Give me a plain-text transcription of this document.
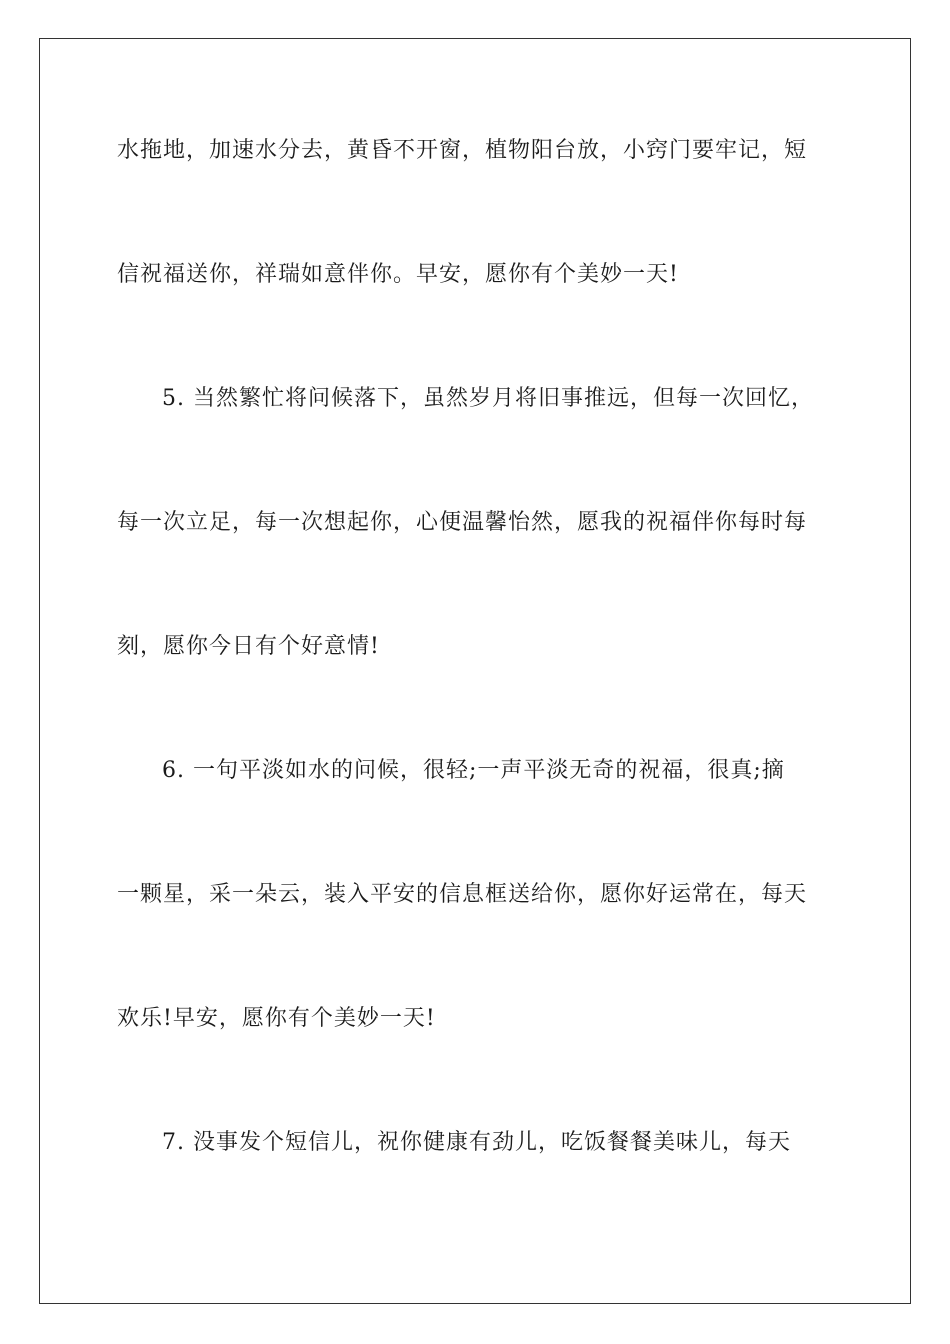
水拖地，加速水分去，黄昏不开窗，植物阳台放，小窍门要牢记，短
信祝福送你，祥瑞如意伴你。早安，愿你有个美妙一天!
5. 当然繁忙将问候落下，虽然岁月将旧事推远，但每一次回忆，
每一次立足，每一次想起你，心便温馨怡然，愿我的祝福伴你每时每
刻，愿你今日有个好意情!
6. 一句平淡如水的问候，很轻;一声平淡无奇的祝福，很真;摘
一颗星，采一朵云，装入平安的信息框送给你，愿你好运常在，每天
欢乐!早安，愿你有个美妙一天!
7. 没事发个短信儿，祝你健康有劲儿，吃饭餐餐美味儿，每天
